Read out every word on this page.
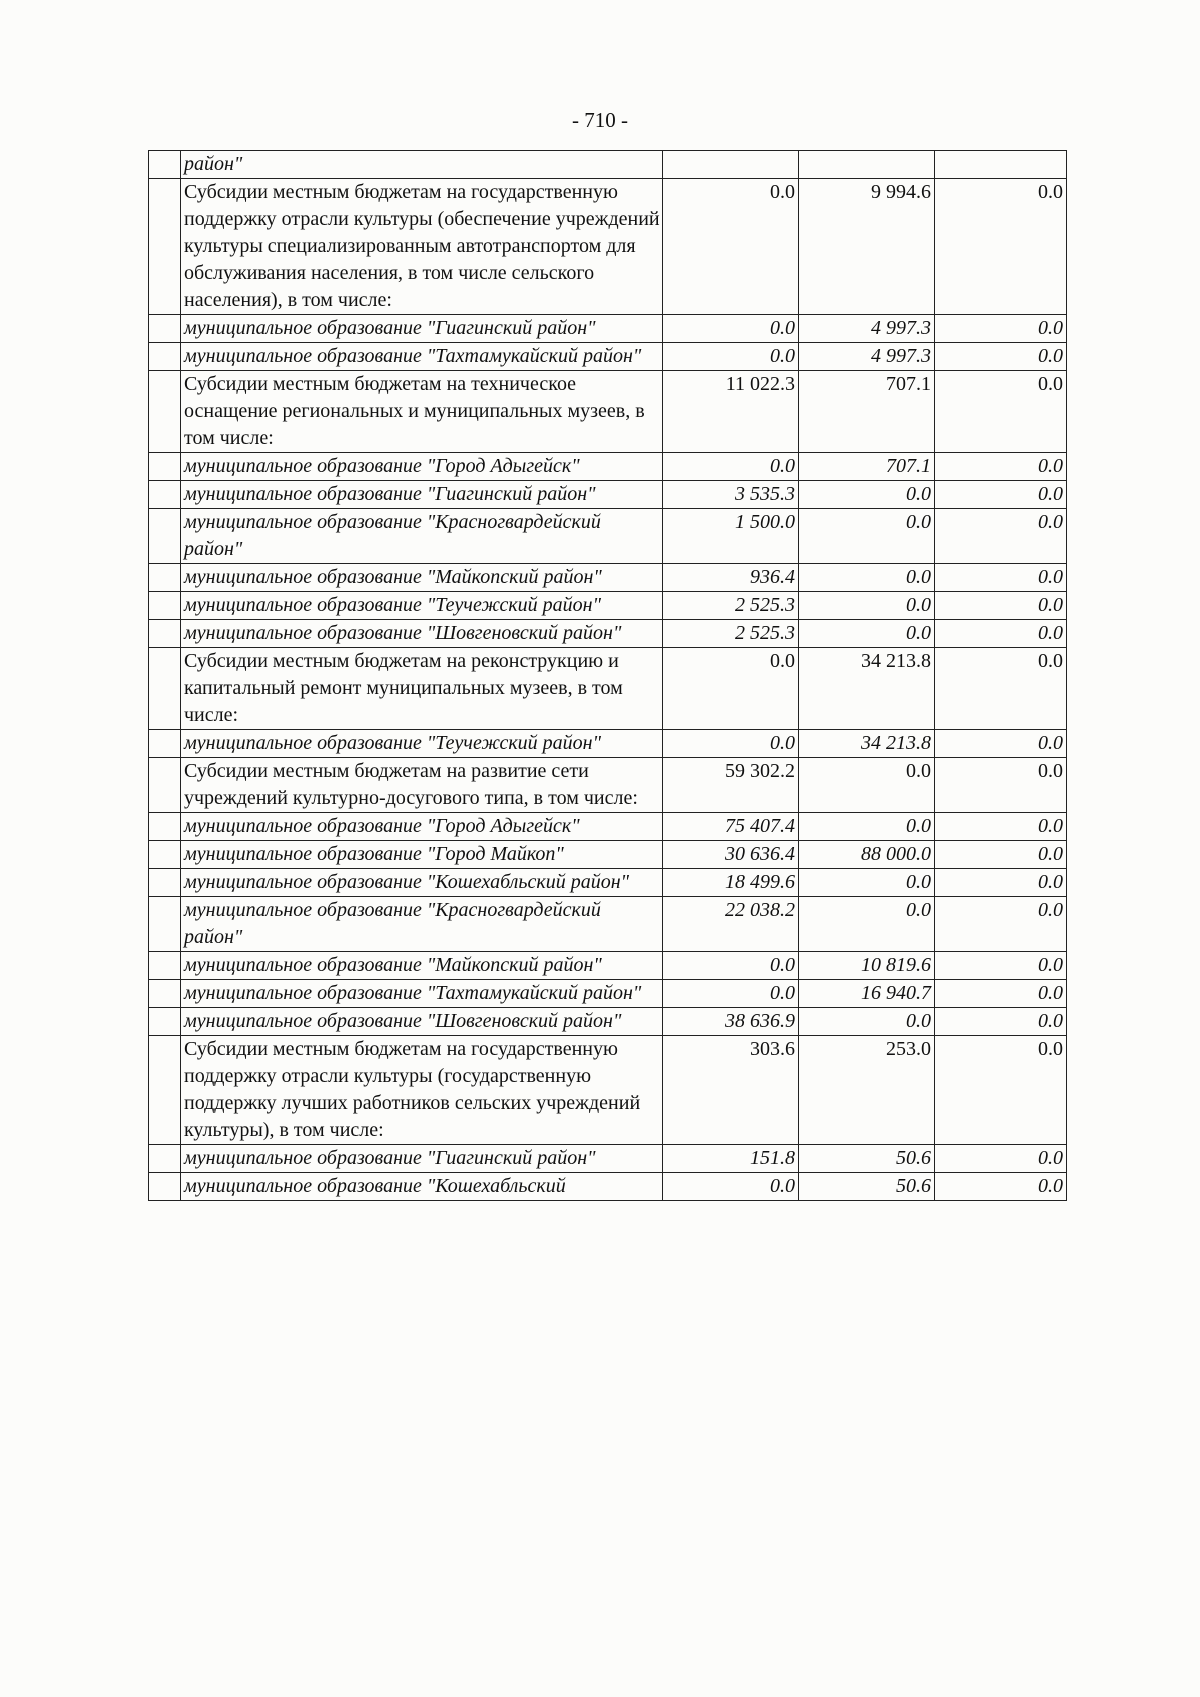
- 710 -
	район"			
	Субсидии местным бюджетам на государственную поддержку отрасли культуры (обеспечение учреждений культуры специализированным автотранспортом для обслуживания населения, в том числе сельского населения), в том числе:	0.0	9 994.6	0.0
	муниципальное образование "Гиагинский район"	0.0	4 997.3	0.0
	муниципальное образование "Тахтамукайский район"	0.0	4 997.3	0.0
	Субсидии местным бюджетам на техническое оснащение региональных и муниципальных музеев, в том числе:	11 022.3	707.1	0.0
	муниципальное образование "Город Адыгейск"	0.0	707.1	0.0
	муниципальное образование "Гиагинский район"	3 535.3	0.0	0.0
	муниципальное образование "Красногвардейский район"	1 500.0	0.0	0.0
	муниципальное образование "Майкопский район"	936.4	0.0	0.0
	муниципальное образование "Теучежский район"	2 525.3	0.0	0.0
	муниципальное образование "Шовгеновский район"	2 525.3	0.0	0.0
	Субсидии местным бюджетам на реконструкцию и капитальный ремонт муниципальных музеев, в том числе:	0.0	34 213.8	0.0
	муниципальное образование "Теучежский район"	0.0	34 213.8	0.0
	Субсидии местным бюджетам на развитие сети учреждений культурно-досугового типа, в том числе:	59 302.2	0.0	0.0
	муниципальное образование "Город Адыгейск"	75 407.4	0.0	0.0
	муниципальное образование "Город Майкоп"	30 636.4	88 000.0	0.0
	муниципальное образование "Кошехабльский район"	18 499.6	0.0	0.0
	муниципальное образование "Красногвардейский район"	22 038.2	0.0	0.0
	муниципальное образование "Майкопский район"	0.0	10 819.6	0.0
	муниципальное образование "Тахтамукайский район"	0.0	16 940.7	0.0
	муниципальное образование "Шовгеновский район"	38 636.9	0.0	0.0
	Субсидии местным бюджетам на государственную поддержку отрасли культуры (государственную поддержку лучших работников сельских учреждений культуры), в том числе:	303.6	253.0	0.0
	муниципальное образование "Гиагинский район"	151.8	50.6	0.0
	муниципальное образование "Кошехабльский	0.0	50.6	0.0
